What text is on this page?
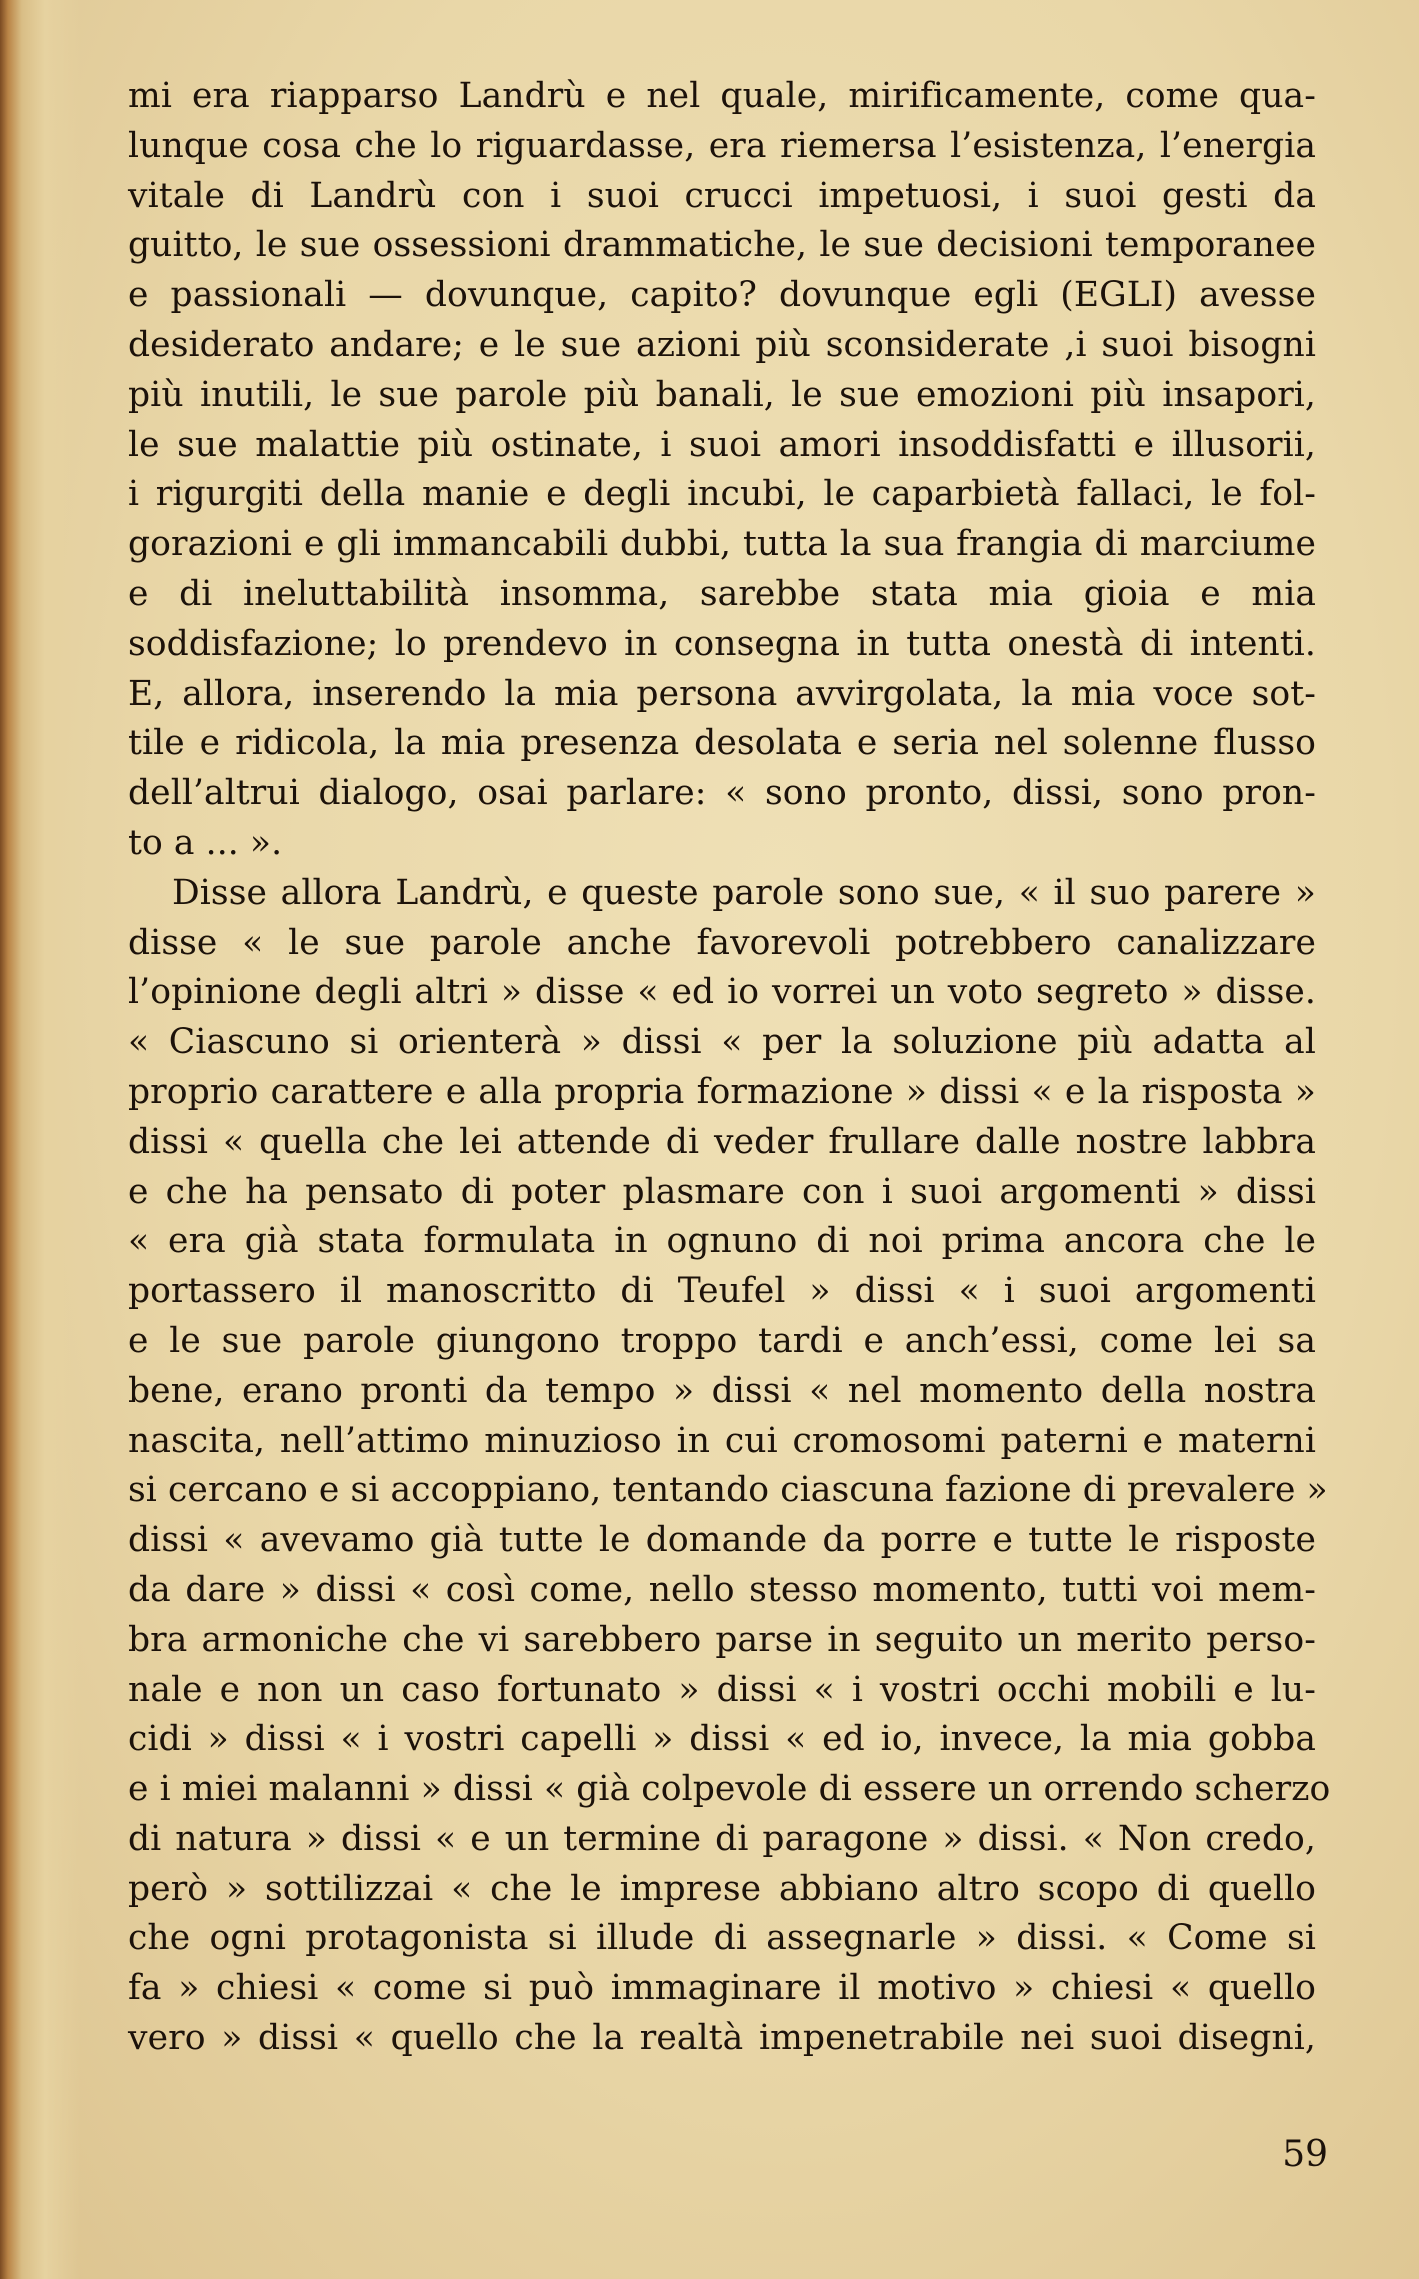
mi era riapparso Landrù e nel quale, mirificamente, come qua-
lunque cosa che lo riguardasse, era riemersa l’esistenza, l’energia
vitale di Landrù con i suoi crucci impetuosi, i suoi gesti da
guitto, le sue ossessioni drammatiche, le sue decisioni temporanee
e passionali — dovunque, capito? dovunque egli (EGLI) avesse
desiderato andare; e le sue azioni più sconsiderate ,i suoi bisogni
più inutili, le sue parole più banali, le sue emozioni più insapori,
le sue malattie più ostinate, i suoi amori insoddisfatti e illusorii,
i rigurgiti della manie e degli incubi, le caparbietà fallaci, le fol-
gorazioni e gli immancabili dubbi, tutta la sua frangia di marciume
e di ineluttabilità insomma, sarebbe stata mia gioia e mia
soddisfazione; lo prendevo in consegna in tutta onestà di intenti.
E, allora, inserendo la mia persona avvirgolata, la mia voce sot-
tile e ridicola, la mia presenza desolata e seria nel solenne flusso
dell’altrui dialogo, osai parlare: « sono pronto, dissi, sono pron-
to a ... ».
Disse allora Landrù, e queste parole sono sue, « il suo parere »
disse « le sue parole anche favorevoli potrebbero canalizzare
l’opinione degli altri » disse « ed io vorrei un voto segreto » disse.
« Ciascuno si orienterà » dissi « per la soluzione più adatta al
proprio carattere e alla propria formazione » dissi « e la risposta »
dissi « quella che lei attende di veder frullare dalle nostre labbra
e che ha pensato di poter plasmare con i suoi argomenti » dissi
« era già stata formulata in ognuno di noi prima ancora che le
portassero il manoscritto di Teufel » dissi « i suoi argomenti
e le sue parole giungono troppo tardi e anch’essi, come lei sa
bene, erano pronti da tempo » dissi « nel momento della nostra
nascita, nell’attimo minuzioso in cui cromosomi paterni e materni
si cercano e si accoppiano, tentando ciascuna fazione di prevalere »
dissi « avevamo già tutte le domande da porre e tutte le risposte
da dare » dissi « così come, nello stesso momento, tutti voi mem-
bra armoniche che vi sarebbero parse in seguito un merito perso-
nale e non un caso fortunato » dissi « i vostri occhi mobili e lu-
cidi » dissi « i vostri capelli » dissi « ed io, invece, la mia gobba
e i miei malanni » dissi « già colpevole di essere un orrendo scherzo
di natura » dissi « e un termine di paragone » dissi. « Non credo,
però » sottilizzai « che le imprese abbiano altro scopo di quello
che ogni protagonista si illude di assegnarle » dissi. « Come si
fa » chiesi « come si può immaginare il motivo » chiesi « quello
vero » dissi « quello che la realtà impenetrabile nei suoi disegni,
59
